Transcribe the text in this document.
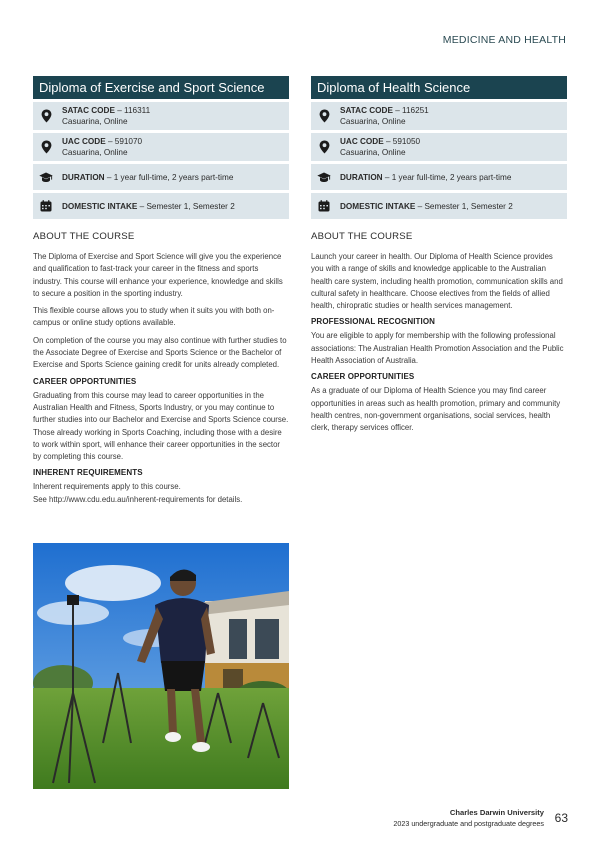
MEDICINE AND HEALTH
Diploma of Exercise and Sport Science
SATAC CODE – 116311
Casuarina, Online
UAC CODE – 591070
Casuarina, Online
DURATION – 1 year full-time, 2 years part-time
DOMESTIC INTAKE – Semester 1, Semester 2
ABOUT THE COURSE

The Diploma of Exercise and Sport Science will give you the experience and qualification to fast-track your career in the fitness and sports industry. This course will enhance your experience, knowledge and skills to secure a position in the sporting industry.

This flexible course allows you to study when it suits you with both on-campus or online study options available.

On completion of the course you may also continue with further studies to the Associate Degree of Exercise and Sports Science or the Bachelor of Exercise and Sports Science gaining credit for units already completed.

CAREER OPPORTUNITIES

Graduating from this course may lead to career opportunities in the Australian Health and Fitness, Sports Industry, or you may continue to further studies into our Bachelor and Exercise and Sports Science course. Those already working in Sports Coaching, including those with a desire to work within sport, will enhance their career opportunities in the sector by completing this course.

INHERENT REQUIREMENTS

Inherent requirements apply to this course.
See http://www.cdu.edu.au/inherent-requirements for details.

Diploma of Health Science
SATAC CODE – 116251
Casuarina, Online
UAC CODE – 591050
Casuarina, Online
DURATION – 1 year full-time, 2 years part-time
DOMESTIC INTAKE – Semester 1, Semester 2
ABOUT THE COURSE

Launch your career in health. Our Diploma of Health Science provides you with a range of skills and knowledge applicable to the Australian health care system, including health promotion, communication skills and cultural safety in healthcare. Choose electives from the fields of allied health, chiropratic studies or health services management.

PROFESSIONAL RECOGNITION

You are eligible to apply for membership with the following professional associations: The Australian Health Promotion Association and the Public Health Association of Australia.

CAREER OPPORTUNITIES

As a graduate of our Diploma of Health Science you may find career opportunities in areas such as health promotion, primary and community health centres, non-government organisations, social services, health clerk, therapy services officer.

Charles Darwin University
2023 undergraduate and postgraduate degrees 63
